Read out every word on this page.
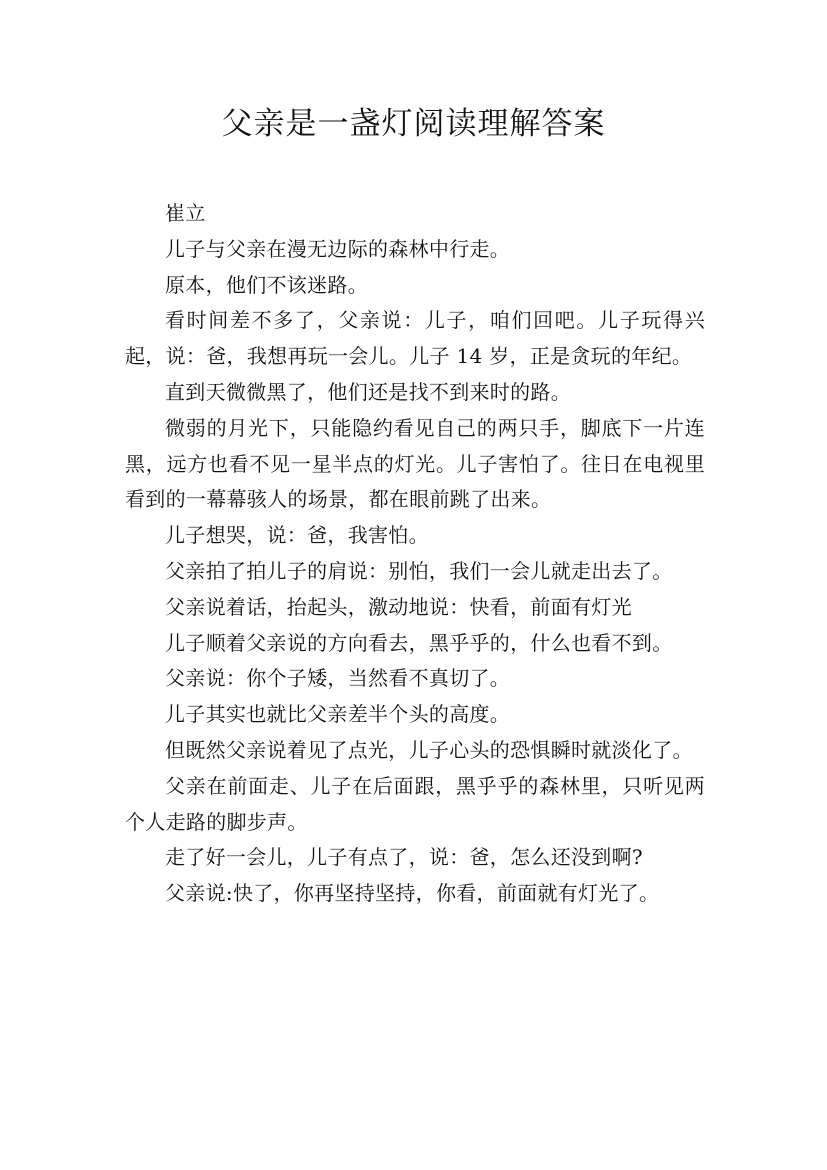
父亲是一盏灯阅读理解答案

崔立

儿子与父亲在漫无边际的森林中行走。

原本，他们不该迷路。

看时间差不多了，父亲说：儿子，咱们回吧。儿子玩得兴起，说：爸，我想再玩一会儿。儿子 14 岁，正是贪玩的年纪。

直到天微微黑了，他们还是找不到来时的路。

微弱的月光下，只能隐约看见自己的两只手，脚底下一片连黑，远方也看不见一星半点的灯光。儿子害怕了。往日在电视里看到的一幕幕骇人的场景，都在眼前跳了出来。

儿子想哭，说：爸，我害怕。

父亲拍了拍儿子的肩说：别怕，我们一会儿就走出去了。

父亲说着话，抬起头，激动地说：快看，前面有灯光

儿子顺着父亲说的方向看去，黑乎乎的，什么也看不到。

父亲说：你个子矮，当然看不真切了。

儿子其实也就比父亲差半个头的高度。

但既然父亲说着见了点光，儿子心头的恐惧瞬时就淡化了。

父亲在前面走、儿子在后面跟，黑乎乎的森林里，只听见两个人走路的脚步声。

走了好一会儿，儿子有点了，说：爸，怎么还没到啊?

父亲说:快了，你再坚持坚持，你看，前面就有灯光了。
